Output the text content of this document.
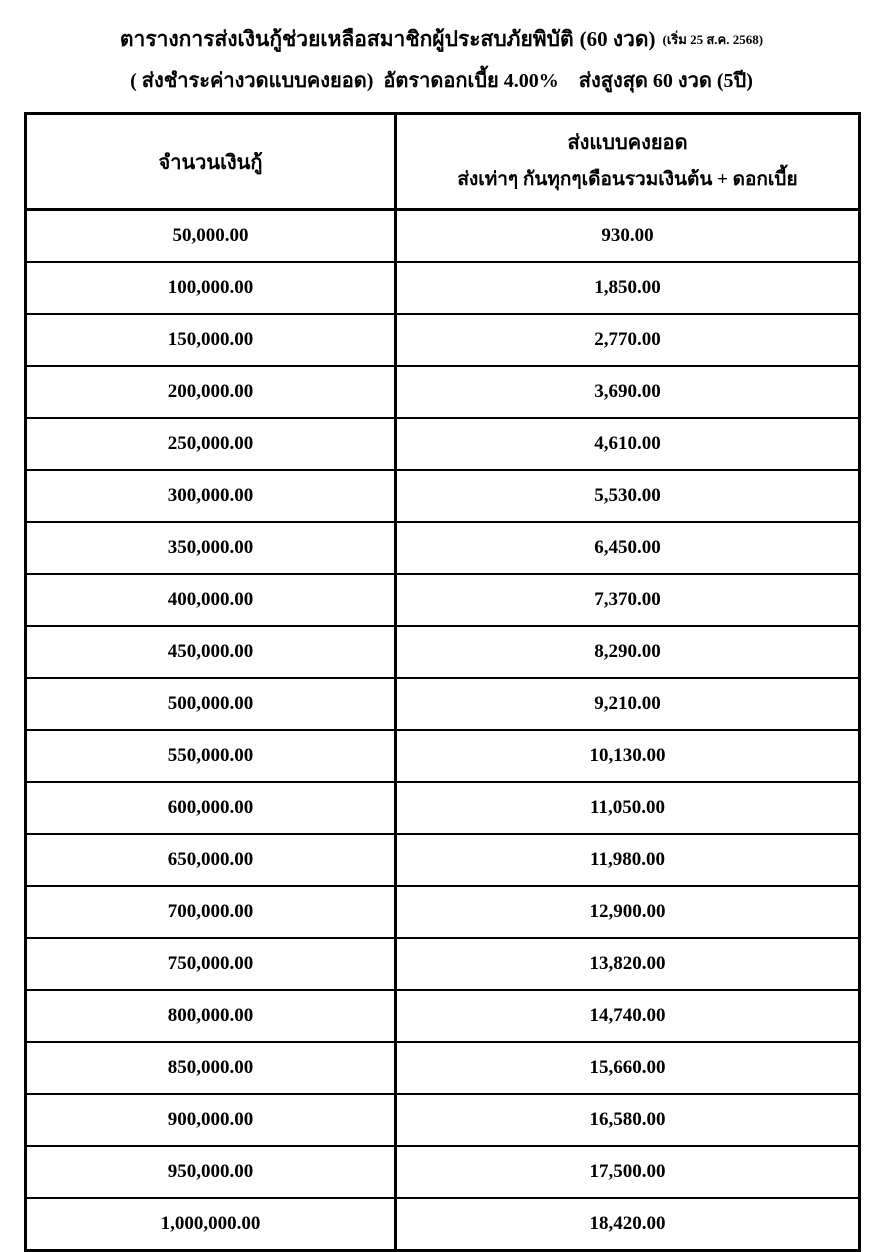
ตารางการส่งเงินกู้ช่วยเหลือสมาชิกผู้ประสบภัยพิบัติ (60 งวด) (เริ่ม 25 ส.ค. 2568)
( ส่งชำระค่างวดแบบคงยอด) อัตราดอกเบี้ย 4.00% ส่งสูงสุด 60 งวด (5ปี)
จำนวนเงินกู้	ส่งแบบคงยอด
ส่งเท่าๆ กันทุกๆเดือนรวมเงินต้น + ดอกเบี้ย

50,000.00	930.00
100,000.00	1,850.00
150,000.00	2,770.00
200,000.00	3,690.00
250,000.00	4,610.00
300,000.00	5,530.00
350,000.00	6,450.00
400,000.00	7,370.00
450,000.00	8,290.00
500,000.00	9,210.00
550,000.00	10,130.00
600,000.00	11,050.00
650,000.00	11,980.00
700,000.00	12,900.00
750,000.00	13,820.00
800,000.00	14,740.00
850,000.00	15,660.00
900,000.00	16,580.00
950,000.00	17,500.00
1,000,000.00	18,420.00
